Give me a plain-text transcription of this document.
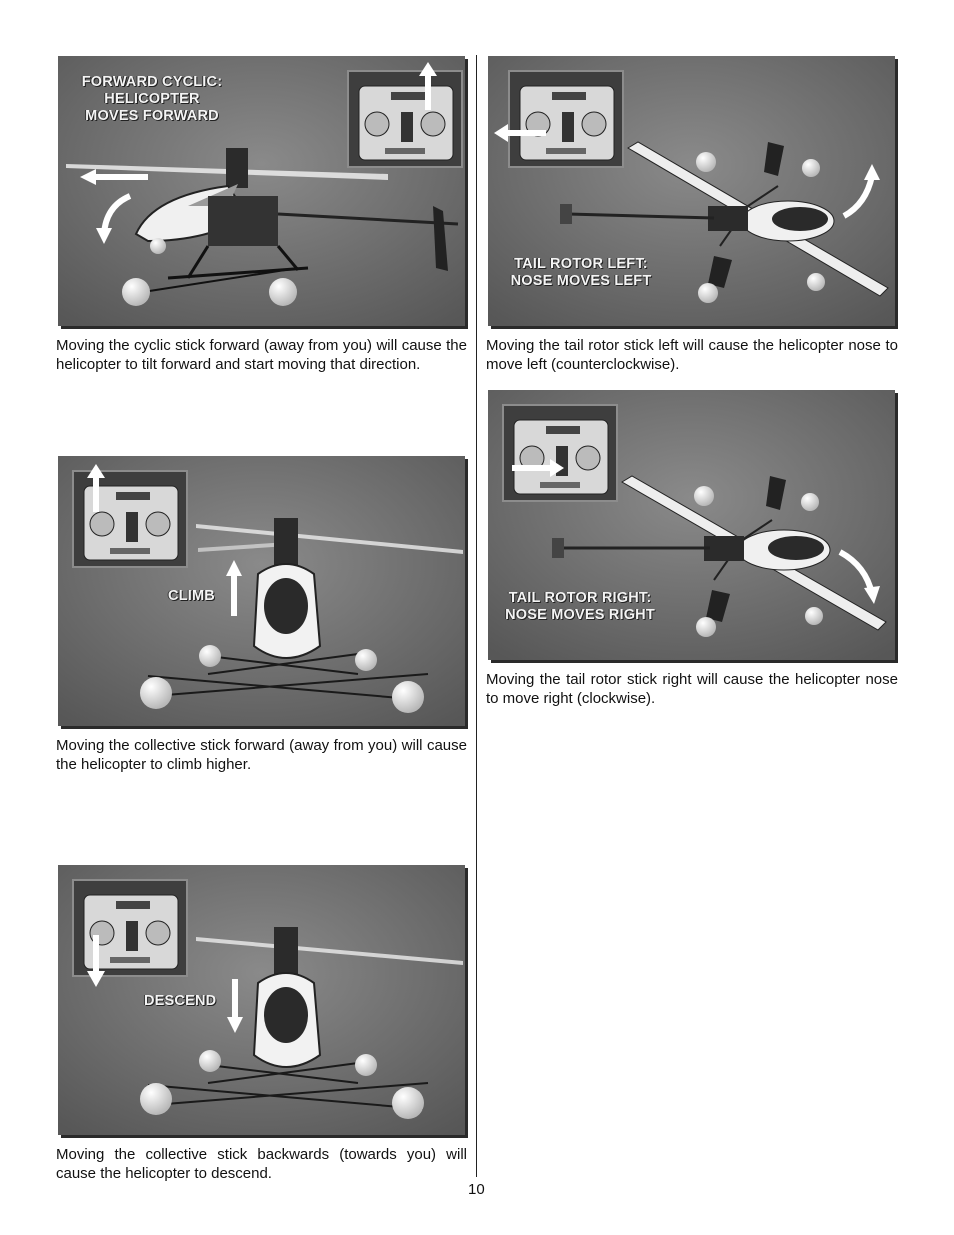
FORWARD CYCLIC:
HELICOPTER
MOVES FORWARD
Moving the cyclic stick forward (away from you) will cause the helicopter to tilt forward and start moving that direction.
CLIMB
Moving the collective stick forward (away from you) will cause the helicopter to climb higher.
DESCEND
Moving the collective stick backwards (towards you) will cause the helicopter to descend.
TAIL ROTOR LEFT:
NOSE MOVES LEFT
Moving the tail rotor stick left will cause the helicopter nose to move left (counterclockwise).
TAIL ROTOR RIGHT:
NOSE MOVES RIGHT
Moving the tail rotor stick right will cause the helicopter nose to move right (clockwise).
10
